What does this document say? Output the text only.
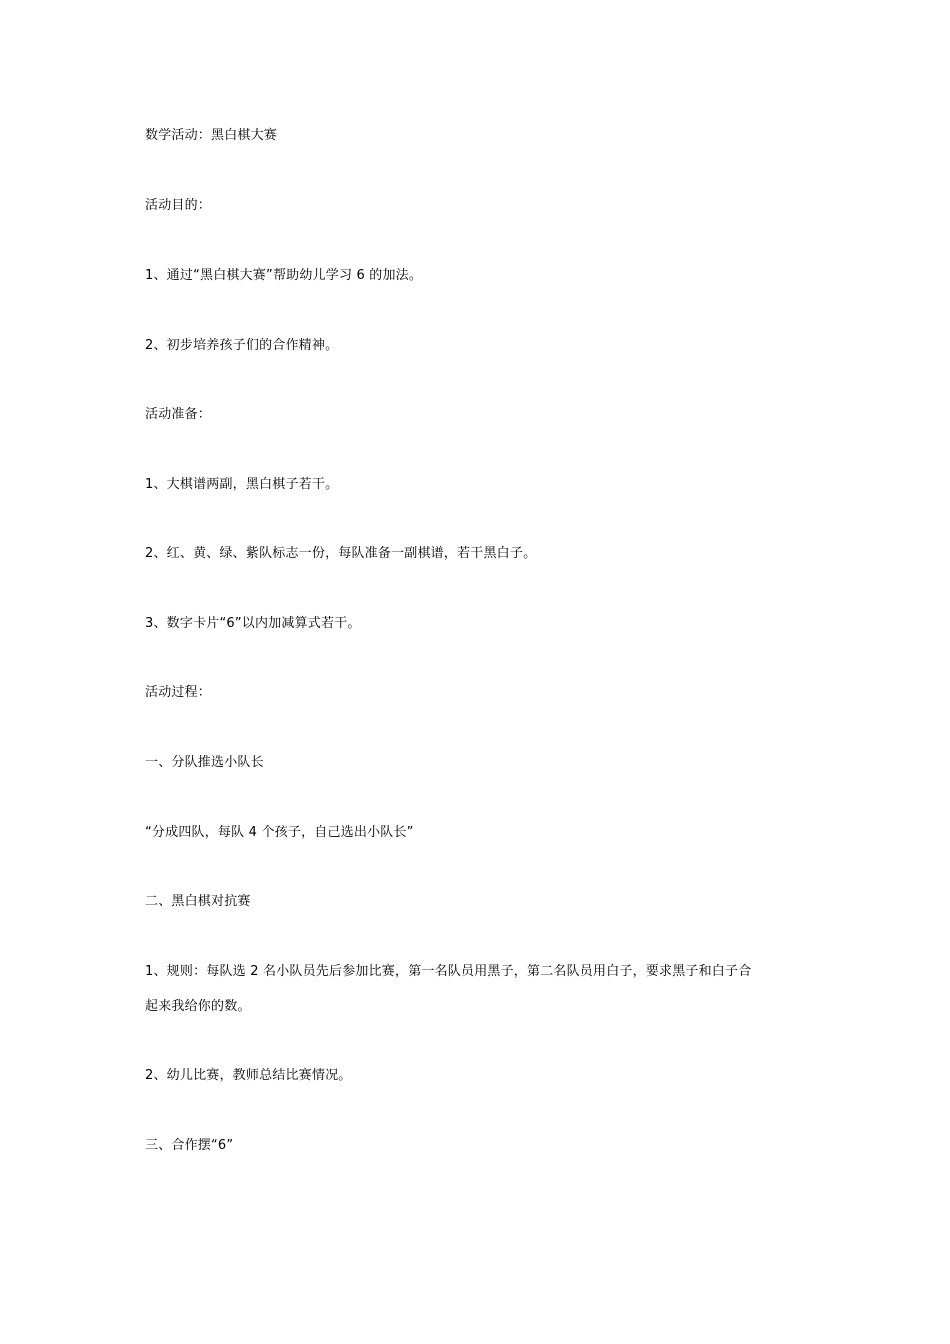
数学活动：黑白棋大赛
活动目的：
1、通过“黑白棋大赛”帮助幼儿学习 6 的加法。
2、初步培养孩子们的合作精神。
活动准备：
1、大棋谱两副，黑白棋子若干。
2、红、黄、绿、紫队标志一份，每队准备一副棋谱，若干黑白子。
3、数字卡片“6”以内加减算式若干。
活动过程：
一、分队推选小队长
“分成四队，每队 4 个孩子，自己选出小队长”
二、黑白棋对抗赛
1、规则：每队选 2 名小队员先后参加比赛，第一名队员用黑子，第二名队员用白子，要求黑子和白子合
起来我给你的数。
2、幼儿比赛，教师总结比赛情况。
三、合作摆“6”
